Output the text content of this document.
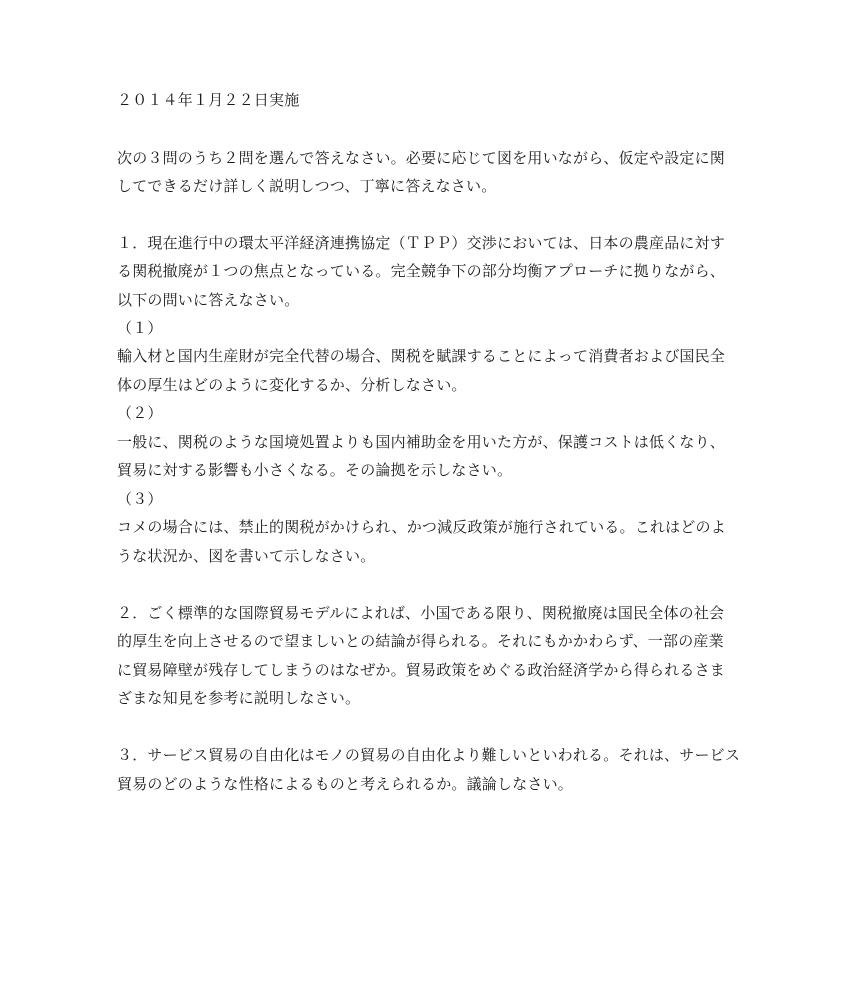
２０１４年１月２２日実施
次の３問のうち２問を選んで答えなさい。必要に応じて図を用いながら、仮定や設定に関
してできるだけ詳しく説明しつつ、丁寧に答えなさい。
１．現在進行中の環太平洋経済連携協定（ＴＰＰ）交渉においては、日本の農産品に対す
る関税撤廃が１つの焦点となっている。完全競争下の部分均衡アプローチに拠りながら、
以下の問いに答えなさい。
（１）
輸入材と国内生産財が完全代替の場合、関税を賦課することによって消費者および国民全
体の厚生はどのように変化するか、分析しなさい。
（２）
一般に、関税のような国境処置よりも国内補助金を用いた方が、保護コストは低くなり、
貿易に対する影響も小さくなる。その論拠を示しなさい。
（３）
コメの場合には、禁止的関税がかけられ、かつ減反政策が施行されている。これはどのよ
うな状況か、図を書いて示しなさい。
２．ごく標準的な国際貿易モデルによれば、小国である限り、関税撤廃は国民全体の社会
的厚生を向上させるので望ましいとの結論が得られる。それにもかかわらず、一部の産業
に貿易障壁が残存してしまうのはなぜか。貿易政策をめぐる政治経済学から得られるさま
ざまな知見を参考に説明しなさい。
３．サービス貿易の自由化はモノの貿易の自由化より難しいといわれる。それは、サービス
貿易のどのような性格によるものと考えられるか。議論しなさい。
